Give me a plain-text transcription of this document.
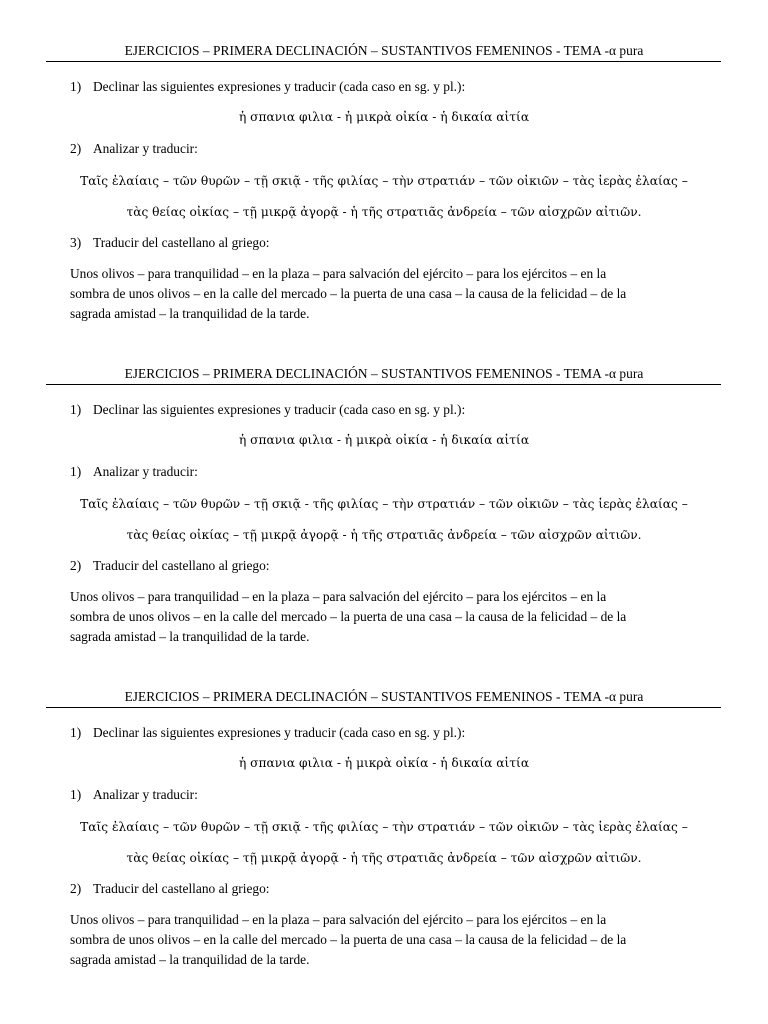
EJERCICIOS – PRIMERA DECLINACIÓN – SUSTANTIVOS FEMENINOS - TEMA -α pura
1) Declinar las siguientes expresiones y traducir (cada caso en sg. y pl.):
ἡ σπανια φιλια - ἡ μικρὰ οἰκία - ἡ δικαία αἰτία
2) Analizar y traducir:
Ταῖς ἐλαίαις – τῶν θυρῶν – τῇ σκιᾷ - τῆς φιλίας – τὴν στρατιάν – τῶν οἰκιῶν – τὰς ἱερὰς ἐλαίας –
τὰς θείας οἰκίας – τῇ μικρᾷ ἀγορᾷ - ἡ τῆς στρατιᾶς ἀνδρεία – τῶν αἰσχρῶν αἰτιῶν.
3) Traducir del castellano al griego:
Unos olivos – para tranquilidad – en la plaza – para salvación del ejército – para los ejércitos – en la
sombra de unos olivos – en la calle del mercado – la puerta de una casa – la causa de la felicidad – de la
sagrada amistad – la tranquilidad de la tarde.
EJERCICIOS – PRIMERA DECLINACIÓN – SUSTANTIVOS FEMENINOS - TEMA -α pura
1) Declinar las siguientes expresiones y traducir (cada caso en sg. y pl.):
ἡ σπανια φιλια - ἡ μικρὰ οἰκία - ἡ δικαία αἰτία
1) Analizar y traducir:
Ταῖς ἐλαίαις – τῶν θυρῶν – τῇ σκιᾷ - τῆς φιλίας – τὴν στρατιάν – τῶν οἰκιῶν – τὰς ἱερὰς ἐλαίας –
τὰς θείας οἰκίας – τῇ μικρᾷ ἀγορᾷ - ἡ τῆς στρατιᾶς ἀνδρεία – τῶν αἰσχρῶν αἰτιῶν.
2) Traducir del castellano al griego:
Unos olivos – para tranquilidad – en la plaza – para salvación del ejército – para los ejércitos – en la
sombra de unos olivos – en la calle del mercado – la puerta de una casa – la causa de la felicidad – de la
sagrada amistad – la tranquilidad de la tarde.
EJERCICIOS – PRIMERA DECLINACIÓN – SUSTANTIVOS FEMENINOS - TEMA -α pura
1) Declinar las siguientes expresiones y traducir (cada caso en sg. y pl.):
ἡ σπανια φιλια - ἡ μικρὰ οἰκία - ἡ δικαία αἰτία
1) Analizar y traducir:
Ταῖς ἐλαίαις – τῶν θυρῶν – τῇ σκιᾷ - τῆς φιλίας – τὴν στρατιάν – τῶν οἰκιῶν – τὰς ἱερὰς ἐλαίας –
τὰς θείας οἰκίας – τῇ μικρᾷ ἀγορᾷ - ἡ τῆς στρατιᾶς ἀνδρεία – τῶν αἰσχρῶν αἰτιῶν.
2) Traducir del castellano al griego:
Unos olivos – para tranquilidad – en la plaza – para salvación del ejército – para los ejércitos – en la
sombra de unos olivos – en la calle del mercado – la puerta de una casa – la causa de la felicidad – de la
sagrada amistad – la tranquilidad de la tarde.
